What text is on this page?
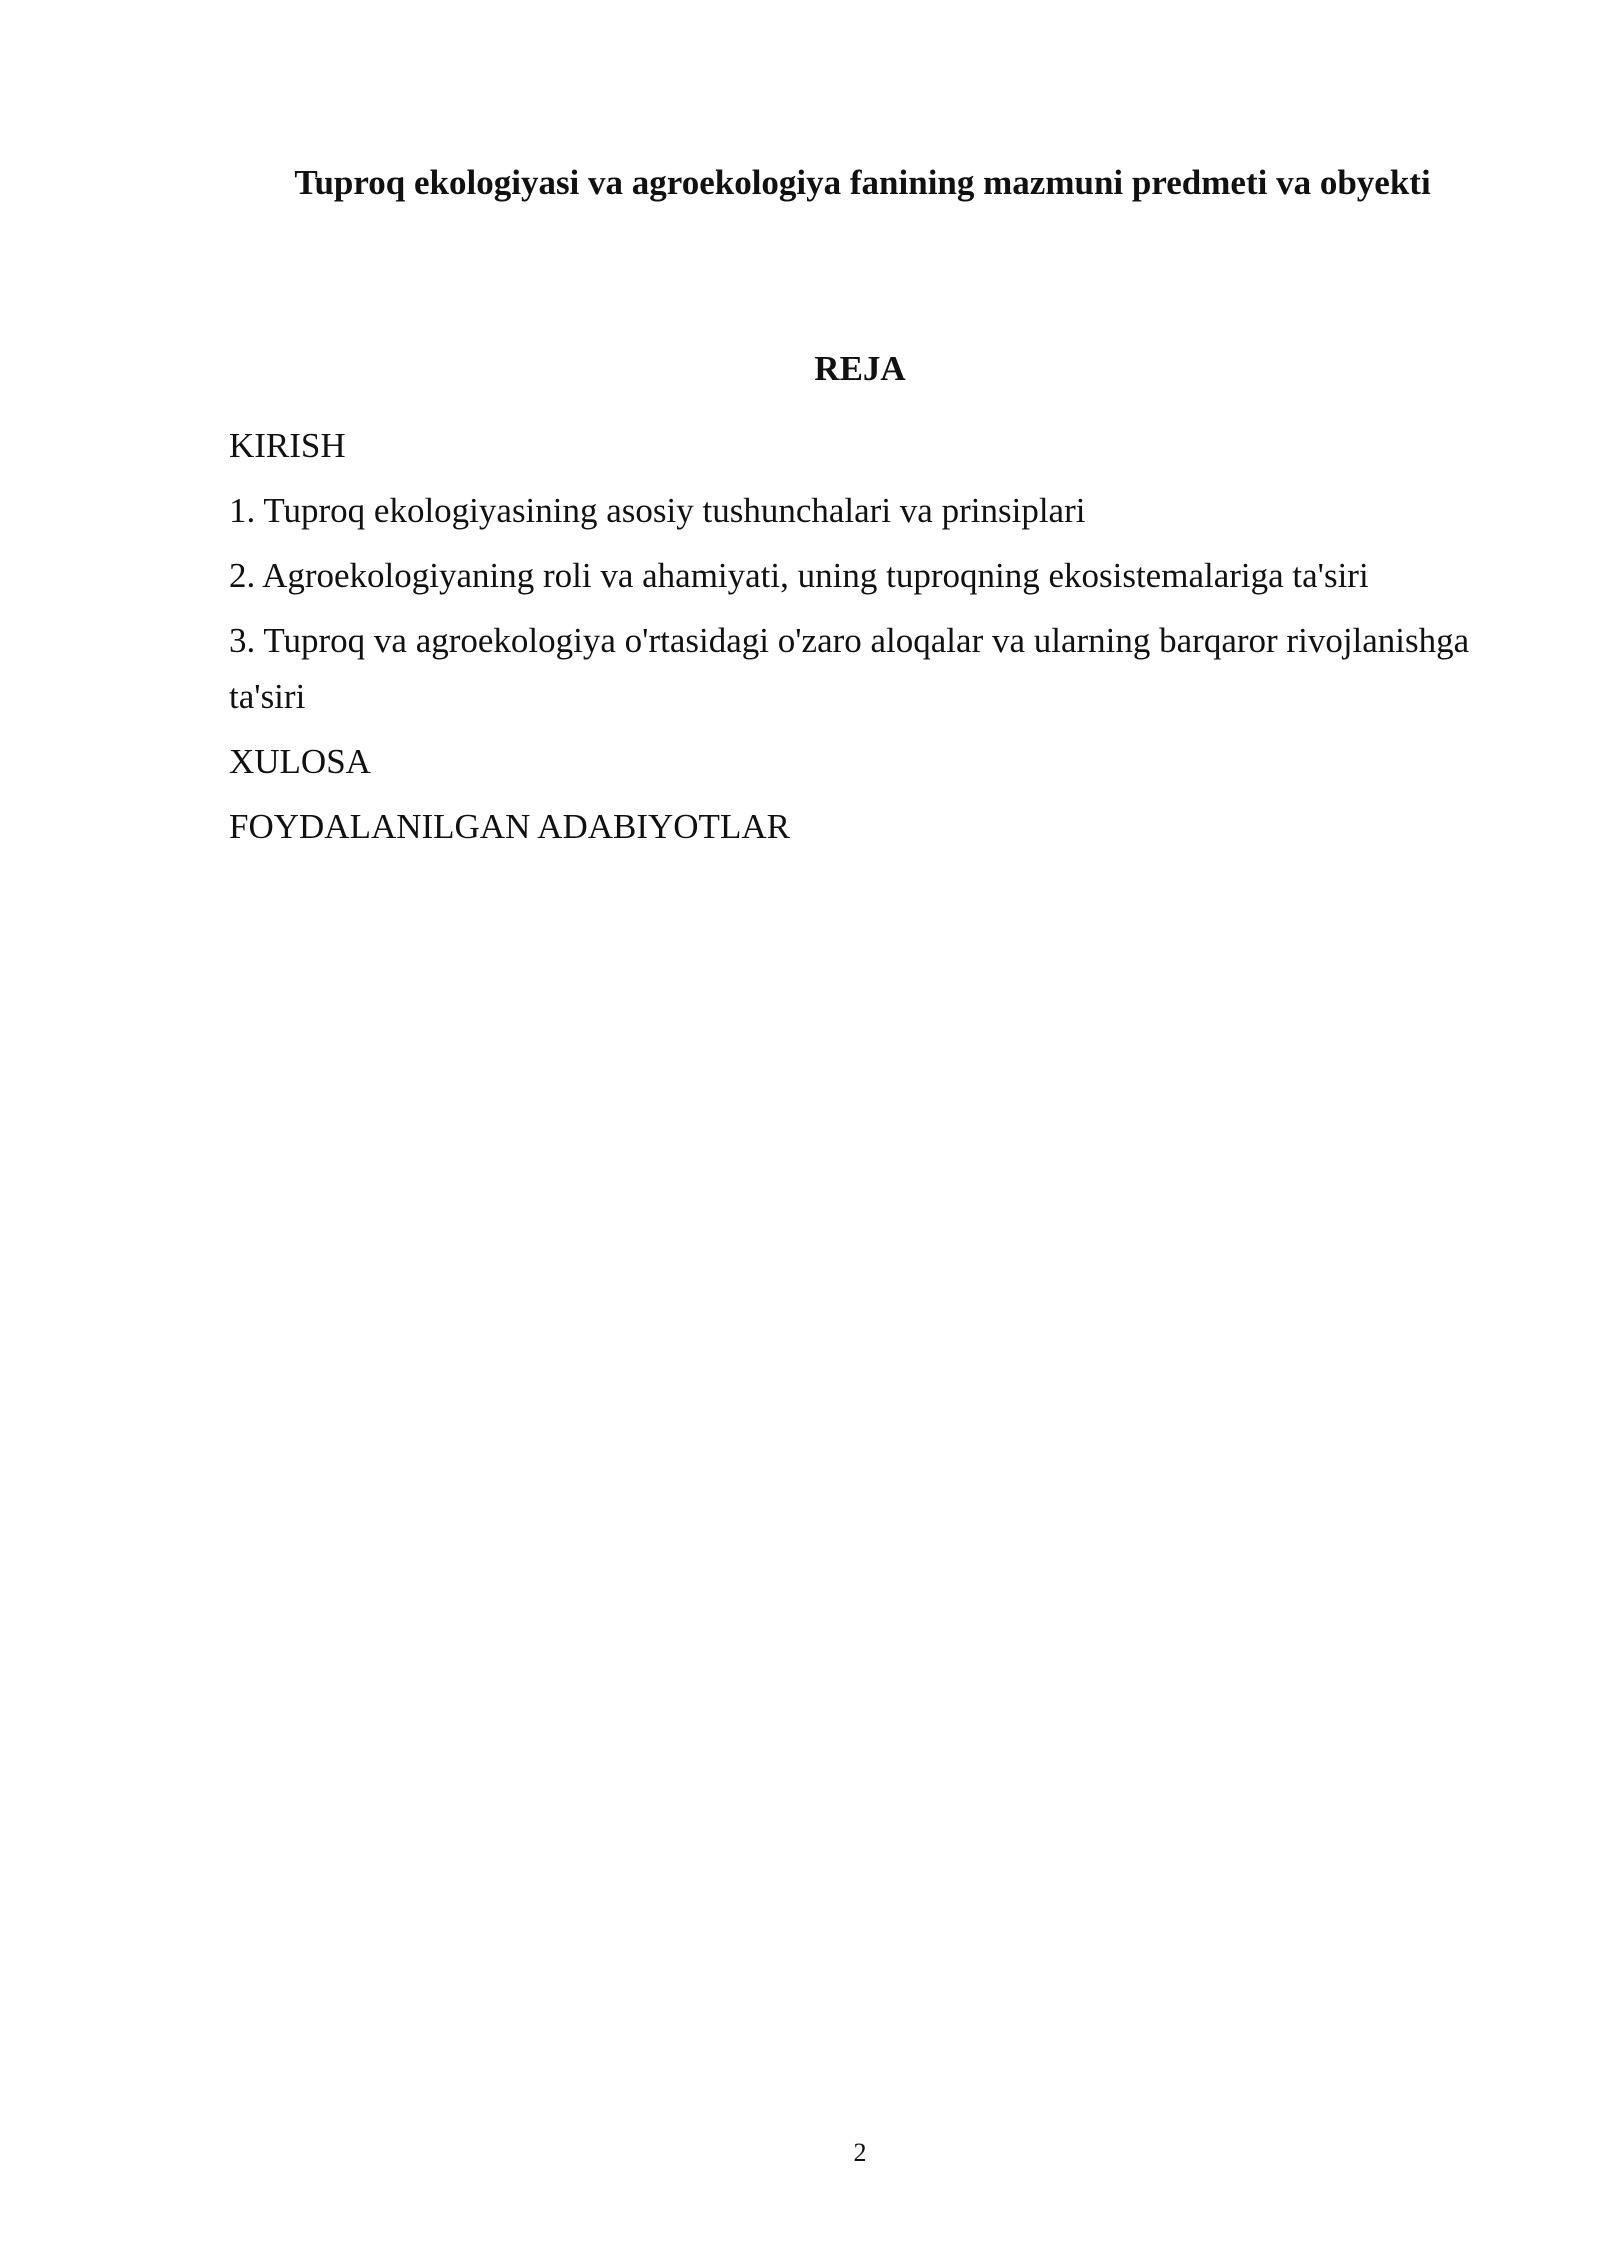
Tuproq ekologiyasi va agroekologiya fanining mazmuni predmeti va obyekti
REJA
KIRISH
1. Tuproq ekologiyasining asosiy tushunchalari va prinsiplari
2. Agroekologiyaning roli va ahamiyati, uning tuproqning ekosistemalariga ta'siri
3. Tuproq va agroekologiya o'rtasidagi o'zaro aloqalar va ularning barqaror rivojlanishga ta'siri
XULOSA
FOYDALANILGAN ADABIYOTLAR
2
